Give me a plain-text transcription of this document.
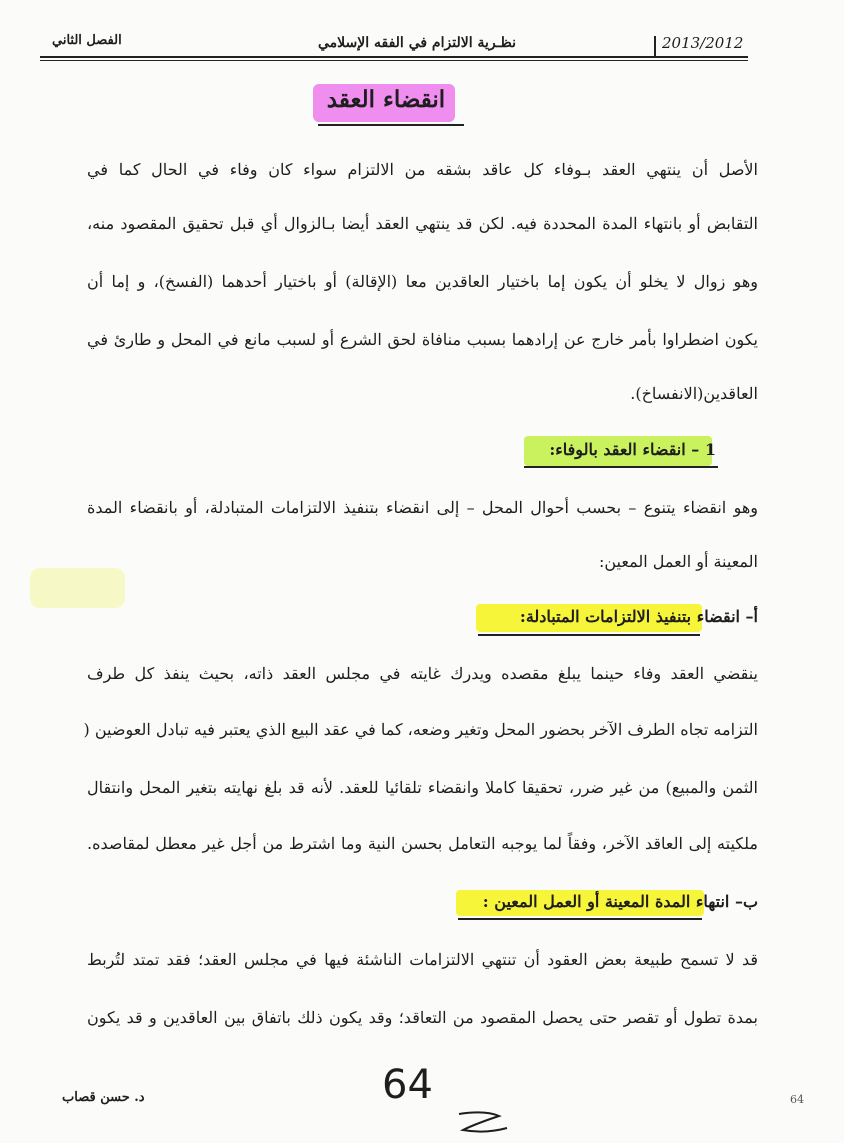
2013/2012
نظـرية الالتزام في الفقه الإسلامي
الفصل الثاني
انقضاء العقد
الأصل أن ينتهي العقد بـوفاء كل عاقد بشقه من الالتزام سواء كان وفاء في الحال كما في
التقابض أو بانتهاء المدة المحددة فيه. لكن قد ينتهي العقد أيضا بـالزوال أي قبل تحقيق المقصود منه،
وهو زوال لا يخلو أن يكون إما باختيار العاقدين معا (الإقالة) أو باختيار أحدهما (الفسخ)، و إما أن
يكون اضطراوا بأمر خارج عن إرادهما بسبب منافاة لحق الشرع أو لسبب مانع في المحل و طارئ في
العاقدين(الانفساخ).
1 – انقضاء العقد بالوفاء:
وهو انقضاء يتنوع – بحسب أحوال المحل – إلى انقضاء بتنفيذ الالتزامات المتبادلة، أو بانقضاء المدة
المعينة أو العمل المعين:
أ– انقضاء بتنفيذ الالتزامات المتبادلة:
ينقضي العقد وفاء حينما يبلغ مقصده ويدرك غايته في مجلس العقد ذاته، بحيث ينفذ كل طرف
التزامه تجاه الطرف الآخر بحضور المحل وتغير وضعه، كما في عقد البيع الذي يعتبر فيه تبادل العوضين (
الثمن والمبيع) من غير ضرر، تحقيقا كاملا وانقضاء تلقائيا للعقد. لأنه قد بلغ نهايته بتغير المحل وانتقال
ملكيته إلى العاقد الآخر، وفقاً لما يوجبه التعامل بحسن النية وما اشترط من أجل غير معطل لمقاصده.
ب– انتهاء المدة المعينة أو العمل المعين :
قد لا تسمح طبيعة بعض العقود أن تنتهي الالتزامات الناشئة فيها في مجلس العقد؛ فقد تمتد لتُربط
بمدة تطول أو تقصر حتى يحصل المقصود من التعاقد؛ وقد يكون ذلك باتفاق بين العاقدين و قد يكون
64
د. حسن قصاب	64
